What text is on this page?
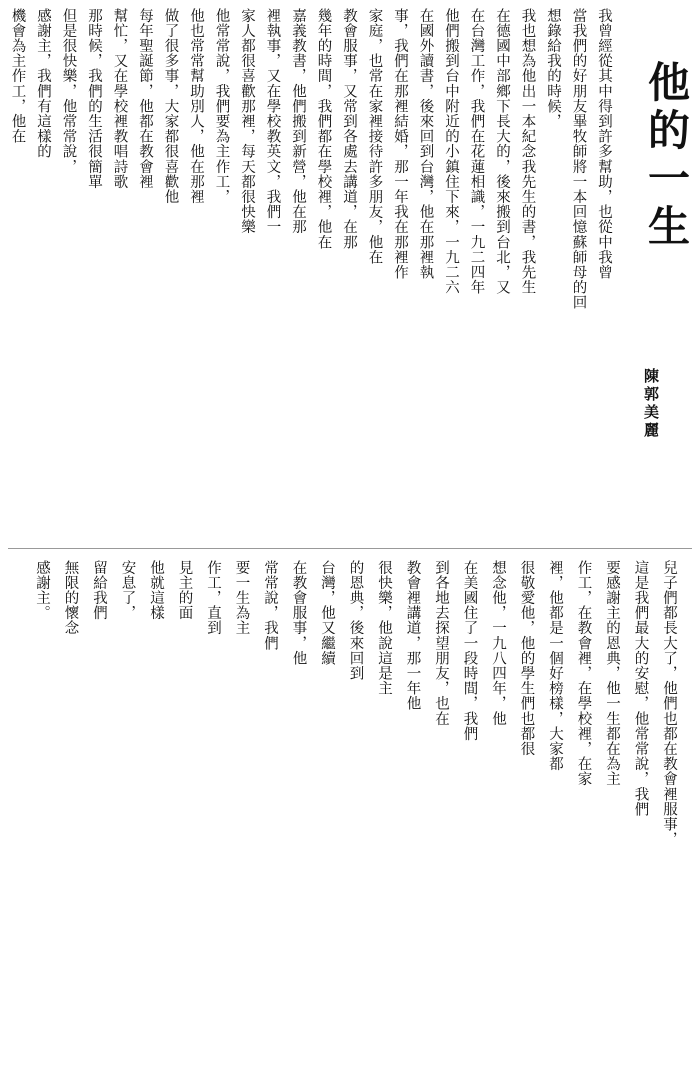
他的一生
陳郭美麗
我曾經從其中得到許多幫助，也從中我曾
當我們的好朋友畢牧師將一本回憶蘇師母的回
想錄給我的時候，
我也想為他出一本紀念我先生的書，我先生
在德國中部鄉下長大的，後來搬到台北，又
在台灣工作，我們在花蓮相識，一九二四年
他們搬到台中附近的小鎮住下來，一九二六
在國外讀書，後來回到台灣，他在那裡執
事，我們在那裡結婚，那一年我在那裡作
家庭，也常在家裡接待許多朋友，他在
教會服事，又常到各處去講道，在那
幾年的時間，我們都在學校裡，他在
嘉義教書，他們搬到新營，他在那
裡執事，又在學校教英文，我們一
家人都很喜歡那裡，每天都很快樂
他常常說，我們要為主作工，
他也常常幫助別人，他在那裡
做了很多事，大家都很喜歡他
每年聖誕節，他都在教會裡
幫忙，又在學校裡教唱詩歌
那時候，我們的生活很簡單
但是很快樂，他常常說，
感謝主，我們有這樣的
機會為主作工，他在
兒子們都長大了，他們也都在教會裡服事，
這是我們最大的安慰，他常常說，我們
要感謝主的恩典，他一生都在為主
作工，在教會裡，在學校裡，在家
裡，他都是一個好榜樣，大家都
很敬愛他，他的學生們也都很
想念他，一九八四年，他
在美國住了一段時間，我們
到各地去探望朋友，也在
教會裡講道，那一年他
很快樂，他說這是主
的恩典，後來回到
台灣，他又繼續
在教會服事，他
常常說，我們
要一生為主
作工，直到
見主的面
他就這樣
安息了，
留給我們
無限的懷念
感謝主。
